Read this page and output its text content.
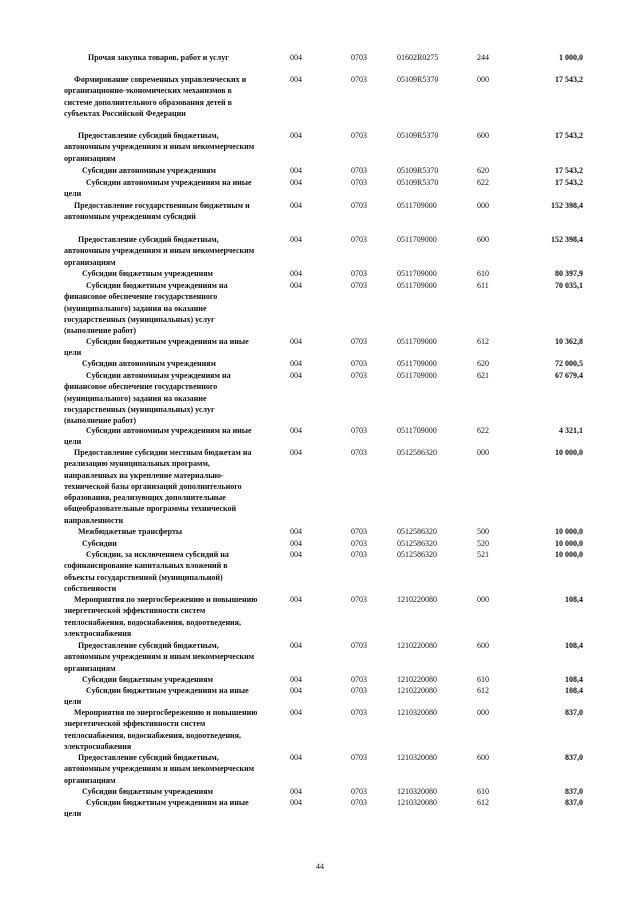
Прочая закупка товаров, работ и услуг	004	0703	01602R0275	244	1 000,0
Формирование современных управленческих и организационно-экономических механизмов в системе дополнительного образования детей в субъектах Российской Федерации
004	0703	05109R5370	000	17 543,2
Предоставление субсидий бюджетным, автономным учреждениям и иным некоммерческим организациям
004	0703	05109R5370	600	17 543,2
Субсидии автономным учреждениям	004	0703	05109R5370	620	17 543,2
Субсидии автономным учреждениям на иные цели
004	0703	05109R5370	622	17 543,2
Предоставление государственным бюджетным и автономным учреждениям субсидий
004	0703	0511709000	000	152 398,4
Предоставление субсидий бюджетным, автономным учреждениям и иным некоммерческим организациям
004	0703	0511709000	600	152 398,4
Субсидии бюджетным учреждениям	004	0703	0511709000	610	80 397,9
Субсидии бюджетным учреждениям на финансовое обеспечение государственного (муниципального) задания на оказание государственных (муниципальных) услуг (выполнение работ)
004	0703	0511709000	611	70 035,1
Субсидии бюджетным учреждениям на иные цели
004	0703	0511709000	612	10 362,8
Субсидии автономным учреждениям	004	0703	0511709000	620	72 000,5
Субсидии автономным учреждениям на финансовое обеспечение государственного (муниципального) задания на оказание государственных (муниципальных) услуг (выполнение работ)
004	0703	0511709000	621	67 679,4
Субсидии автономным учреждениям на иные цели
004	0703	0511709000	622	4 321,1
Предоставление субсидии местным бюджетам на реализацию муниципальных программ, направленных на укрепление материально-технической базы организаций дополнительного образования, реализующих дополнительные общеобразовательные программы технической направленности
004	0703	0512586320	000	10 000,0
Межбюджетные трансферты	004	0703	0512586320	500	10 000,0
Субсидии	004	0703	0512586320	520	10 000,0
Субсидии, за исключением субсидий на софинансирование капитальных вложений в объекты государственной (муниципальной) собственности
004	0703	0512586320	521	10 000,0
Мероприятия по энергосбережению и повышению энергетической эффективности систем теплоснабжения, водоснабжения, водоотведения, электроснабжения
004	0703	1210220080	000	108,4
Предоставление субсидий бюджетным, автономным учреждениям и иным некоммерческим организациям
004	0703	1210220080	600	108,4
Субсидии бюджетным учреждениям	004	0703	1210220080	610	108,4
Субсидии бюджетным учреждениям на иные цели
004	0703	1210220080	612	108,4
Мероприятия по энергосбережению и повышению энергетической эффективности систем теплоснабжения, водоснабжения, водоотведения, электроснабжения
004	0703	1210320080	000	837,0
Предоставление субсидий бюджетным, автономным учреждениям и иным некоммерческим организациям
004	0703	1210320080	600	837,0
Субсидии бюджетным учреждениям	004	0703	1210320080	610	837,0
Субсидии бюджетным учреждениям на иные цели
004	0703	1210320080	612	837,0
44
